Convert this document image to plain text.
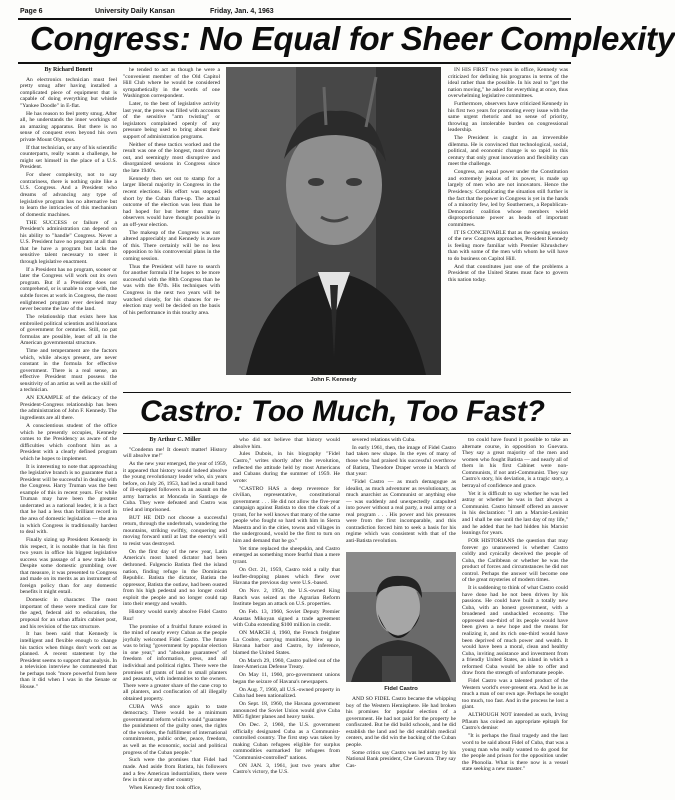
Page 6	University Daily Kansan	Friday, Jan. 4, 1963
Congress: No Equal for Sheer Complexity

By Richard Bonett

An electronics technician must feel pretty smug after having installed a complicated piece of equipment that is capable of doing everything but whistle "Yankee Doodle" in E-flat.

He has reason to feel pretty smug. After all, he understands the inner workings of an amazing apparatus. But there is no sense of conquest even beyond his own private Mount Olympus.

If that technician, or any of his scientific counterparts, really wants a challenge, he might set himself in the place of a U.S. President.

For sheer complexity, not to say contrariness, there is nothing quite like a U.S. Congress. And a President who dreams of advancing any type of legislative program has no alternative but to learn the intricacies of this mechanism of domestic machines.

THE SUCCESS or failure of a President's administration can depend on his ability to "handle" Congress. Never a U.S. President have no program at all than that he have a program but lacks the sensitive talent necessary to steer it through legislative enactment.

If a President has no program, sooner or later the Congress will work out its own program. But if a President does not comprehend, or is unable to cope with, the subtle forces at work in Congress, the most enlightened program ever devised may never become the law of the land.

The relationship that exists here has embroiled political scientists and historians of government for centuries. Still, no pat formulas are possible, least of all in the American governmental structure.

Time and temperament are the factors which, while always present, are never constant in the formula for effective government. There is a real sense, an effective President must possess the sensitivity of an artist as well as the skill of a technician.

AN EXAMPLE of the delicacy of the President-Congress relationship has been the administration of John F. Kennedy. The ingredients are all there.

A conscientious student of the office which he presently occupies, Kennedy comes to the Presidency as aware of the difficulties which confront him as a President with a clearly defined program which he hopes to implement.

It is interesting to note that approaching the legislative branch is no guarantee that a President will be successful in dealing with the Congress. Harry Truman was the best example of this in recent years. For while Truman may have been the greatest underrated as a national leader, it is a fact that he had a less than brilliant record in the area of domestic legislation — the area in which Congress is traditionally hardest to deal with.

Finally sizing up President Kennedy in this respect, it is notable that in his first two years in office his biggest legislative success was passage of a new trade bill. Despite some domestic grumbling over that measure, it was presented to Congress and made on its merits as an instrument of foreign policy than for any domestic benefits it might entail.

Domestic in character. The most important of these were medical care for the aged, federal aid to education, the proposal for an urban affairs cabinet post, and his revision of the tax structure.

It has been said that Kennedy is intelligent and flexible enough to change his tactics when things don't work out as planned. A recent statement by the President seems to support that analysis. In a television interview he commented that he perhaps took "more powerful from here than it did when I was in the Senate or House."

he tended to act as though he were a "convenient member of the Old Capitol Hill Club where he would be considered sympathetically in the words of one Washington correspondent.

Later, to the best of legislative activity last year, the press was filled with accounts of the sensitive "arm twisting" or legislators complained openly of any pressure being used to bring about their support of administration programs.

Neither of these tactics worked and the result was one of the longest, most drawn out, and seemingly most disruptive and disorganized sessions in Congress since the late 1940's.

Kennedy then set out to stamp for a larger liberal majority in Congress in the recent elections. His effort was stopped short by the Cuban flare-up. The actual outcome of the election was less than he had hoped for but better than many observers would have thought possible in an off-year election.

The makeup of the Congress was not altered appreciably and Kennedy is aware of this. There certainly will be no less opposition to his controversial plans in the coming session.

Thus the President will have to search for another formula if he hopes to be more successful with the 88th Congress than he was with the 87th. His techniques with Congress in the next two years will be watched closely, for his chances for re-election may well be decided on the basis of his performance in this touchy area.

John F. Kennedy

IN HIS FIRST two years in office, Kennedy was criticized for defining his programs in terms of the ideal rather than the possible. In his zeal to "get the nation moving," he asked for everything at once, thus overwhelming legislative committees.

Furthermore, observers have criticized Kennedy in his first two years for promoting every issue with the same urgent rhetoric and no sense of priority, throwing an intolerable burden on congressional leadership.

The President is caught in an irreversible dilemma. He is convinced that technological, social, political, and economic change is so rapid in this century that only great innovation and flexibility can meet the challenge.

Congress, an equal power under the Constitution and extremely jealous of its power, is made up largely of men who are not innovators. Hence the Presidency. Complicating the situation still further is the fact that the power in Congress is yet in the hands of a minority few, led by Southerners, a Republican-Democratic coalition whose members wield disproportionate power as heads of important committees.

IT IS CONCEIVABLE that as the opening session of the new Congress approaches, President Kennedy is feeling more familiar with Premier Khrushchev than with some of the men with whom he will have to do business on Capitol Hill.

And that constitutes just one of the problems a President of the United States must face to govern this nation today.

Castro: Too Much, Too Fast?

By Arthur C. Miller

"Condemn me! It doesn't matter! History will absolve me!"

As the new year emerged, the year of 1959, it appeared that history would indeed absolve the young revolutionary leader who, six years before, on July 26, 1953, had led a small band of ill-equipped followers in an assault on the army barracks at Moncada in Santiago de Cuba. They were defeated and Castro was tried and imprisoned.

BUT HE DID not choose a successful return, through the underbrush, wandering the mountains, striking swiftly, conquering and moving forward until at last the enemy's will to resist was destroyed.

On the first day of the new year, Latin America's most hated dictator had been dethroned. Fulgencio Batista fled the island nation, finding refuge in the Dominican Republic. Batista the dictator, Batista the oppressor, Batista the outlaw, had been ousted from his high pedestal and no longer could exploit the people and no longer could tap into their energy and wealth.

History would surely absolve Fidel Castro Ruz!

The promise of a fruitful future existed in the mind of nearly every Cuban as the people joyfully welcomed Fidel Castro. The future was to bring "government by popular election in one year," and "absolute guarantees" of freedom of information, press, and all individual and political rights. There were the promises of grants of land to small planters and peasants, with indemnities to the owners. There were a greater share of the cane crop to all planters, and confiscation of all illegally obtained property.

CUBA WAS once again to taste democracy. There would be a minimum governmental reform which would "guarantee the punishment of the guilty ones, the rights of the workers, the fulfillment of international commitments, public order, peace, freedom, as well as the economic, social and political progress of the Cuban people."

Such were the promises that Fidel had made. And aside from Batista, his followers and a few American industrialists, there were few in this or any other country

When Kennedy first took office,

who did not believe that history would absolve him.

Jules Dubois, in his biography "Fidel Castro," writes shortly after the revolution, reflected the attitude held by most Americans and Cubans during the summer of 1959. He wrote:

"CASTRO HAS a deep reverence for civilian, representative, constitutional government . . . He did not allow the five-year campaign against Batista to don the cloak of a tyrant, for he well knows that many of the same people who fought so hard with him in Sierra Maestra and in the cities, towns and villages in the underground, would be the first to turn on him and demand that he go."

Yet time replaced the sheepskin, and Castro emerged as something more fearful than a mere tyrant.

On Oct. 21, 1959, Castro told a rally that leaflet-dropping planes which flew over Havana the previous day were U.S.-based.

On Nov. 2, 1959, the U.S.-owned King Ranch was seized as the Agrarian Reform Institute began an attack on U.S. properties.

On Feb. 13, 1960, Soviet Deputy Premier Anastas Mikoyan signed a trade agreement with Cuba extending $100 million in credit.

ON MARCH 4, 1960, the French freighter La Coubre, carrying munitions, blew up in Havana harbor and Castro, by inference, blamed the United States.

On March 29, 1960, Castro pulled out of the Inter-American Defense Treaty.

On May 11, 1960, pro-government unions began the seizure of Havana's newspapers.

On Aug. 7, 1960, all U.S.-owned property in Cuba had been nationalized.

On Sept. 18, 1960, the Havana government announced the Soviet Union would give Cuba MIG fighter planes and heavy tanks.

On Dec. 2, 1960, the U.S. government officially designated Cuba as a Communist-controlled country. The first step was taken by making Cuban refugees eligible for surplus commodities earmarked for refugees from "Communist-controlled" nations.

ON JAN. 3, 1961, just two years after Castro's victory, the U.S.

severed relations with Cuba.

In early 1961, then, the image of Fidel Castro had taken new shape. In the eyes of many of those who had praised his successful overthrow of Batista, Theodore Draper wrote in March of that year:

"Fidel Castro — as much demagogue as idealist, as much adventurer as revolutionary, as much anarchist as Communist or anything else — was suddenly and unexpectedly catapulted into power without a real party, a real army or a real program . . . His power and his pressures were from the first incomparable, and this contradiction forced him to seek a basis for his regime which was consistent with that of the anti-Batista revolution.

Fidel Castro

AND SO FIDEL Castro became the whipping boy of the Western Hemisphere. He had broken his promises for popular election of a government. He had not paid for the property he confiscated. But he did build schools, and he did establish the land and he did establish medical centers, and he did win the backing of the Cuban people.

Some critics say Castro was led astray by his National Bank president, Che Guevara. They say Cas-

tro could have found it possible to take an alternate course, in opposition to Guevara. They say a great majority of the men and women who fought Batista — and nearly all of them in his first Cabinet were non-Communists, if not anti-Communist. They say Castro's story, his deviation, is a tragic story, a betrayal of confidence and grace.

Yet it is difficult to say whether he was led astray or whether he was in fact always a Communist. Castro himself offered an answer in his declaration: "I am a Marxist-Leninist and I shall be one until the last day of my life," and he added that he had hidden his Marxist leanings for years.

FOR HISTORIANS the question that may forever go unanswered is whether Castro coldly and cynically deceived the people of Cuba, the Caribbean or whether he was the product of forces and circumstances he did not control. Perhaps the answer will become one of the great mysteries of modern times.

It is saddening to think of what Castro could have done had he not been driven by his passions. He could have built a totally new Cuba, with an honest government, with a broadened and unshackled economy. The oppressed one-third of its people would have been given a new hope and the means for realizing it, and its rich one-third would have been deprived of much power and wealth. It would have been a moral, clean and healthy Cuba, inviting assistance and investment from a friendly United States, an island in which a reformed Cuba would be able to offer and draw from the strength of unfortunate people.

Fidel Castro was a talented product of the Western world's ever-present era. And he is as much a man of our own age. Perhaps he sought too much, too fast. And in the process he lost a giant.

ALTHOUGH NOT intended as such, Irving Pflaum has coined an appropriate epitaph for Castro's demise:

"It is perhaps the final tragedy and the last word to be said about Fidel of Cuba, that was a young man who really wanted to do good for the people and prison for the opposition under the Phonolia. What is there now is a vessel state seeking a new master."
